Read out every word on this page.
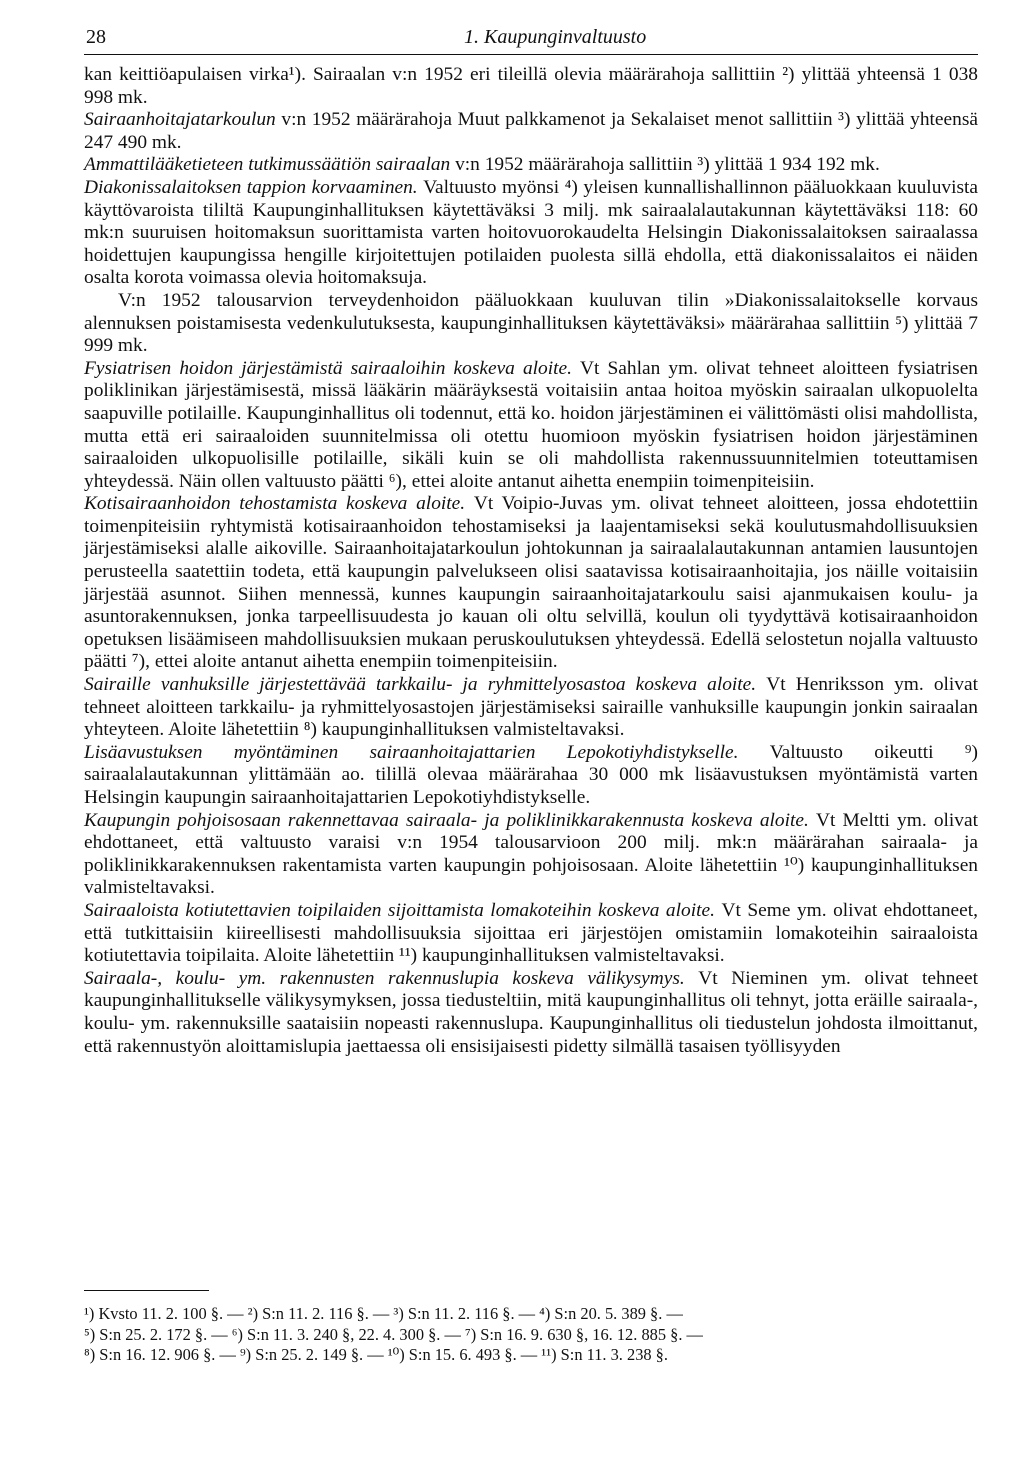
28	1. Kaupunginvaltuusto

kan keittiöapulaisen virka¹). Sairaalan v:n 1952 eri tileillä olevia määrärahoja sallittiin ²) ylittää yhteensä 1 038 998 mk.

Sairaanhoitajatarkoulun v:n 1952 määrärahoja Muut palkkamenot ja Sekalaiset menot sallittiin ³) ylittää yhteensä 247 490 mk.

Ammattilääketieteen tutkimussäätiön sairaalan v:n 1952 määrärahoja sallittiin ³) ylittää 1 934 192 mk.

Diakonissalaitoksen tappion korvaaminen. Valtuusto myönsi ⁴) yleisen kunnallishallinnon pääluokkaan kuuluvista käyttövaroista tililtä Kaupunginhallituksen käytettäväksi 3 milj. mk sairaalalautakunnan käytettäväksi 118: 60 mk:n suuruisen hoitomaksun suorittamista varten hoitovuorokaudelta Helsingin Diakonissalaitoksen sairaalassa hoidettujen kaupungissa hengille kirjoitettujen potilaiden puolesta sillä ehdolla, että diakonissalaitos ei näiden osalta korota voimassa olevia hoitomaksuja.

V:n 1952 talousarvion terveydenhoidon pääluokkaan kuuluvan tilin »Diakonissalaitokselle korvaus alennuksen poistamisesta vedenkulutuksesta, kaupunginhallituksen käytettäväksi» määrärahaa sallittiin ⁵) ylittää 7 999 mk.

Fysiatrisen hoidon järjestämistä sairaaloihin koskeva aloite. Vt Sahlan ym. olivat tehneet aloitteen fysiatrisen poliklinikan järjestämisestä, missä lääkärin määräyksestä voitaisiin antaa hoitoa myöskin sairaalan ulkopuolelta saapuville potilaille. Kaupunginhallitus oli todennut, että ko. hoidon järjestäminen ei välittömästi olisi mahdollista, mutta että eri sairaaloiden suunnitelmissa oli otettu huomioon myöskin fysiatrisen hoidon järjestäminen sairaaloiden ulkopuolisille potilaille, sikäli kuin se oli mahdollista rakennussuunnitelmien toteuttamisen yhteydessä. Näin ollen valtuusto päätti ⁶), ettei aloite antanut aihetta enempiin toimenpiteisiin.

Kotisairaanhoidon tehostamista koskeva aloite. Vt Voipio-Juvas ym. olivat tehneet aloitteen, jossa ehdotettiin toimenpiteisiin ryhtymistä kotisairaanhoidon tehostamiseksi ja laajentamiseksi sekä koulutusmahdollisuuksien järjestämiseksi alalle aikoville. Sairaanhoitajatarkoulun johtokunnan ja sairaalalautakunnan antamien lausuntojen perusteella saatettiin todeta, että kaupungin palvelukseen olisi saatavissa kotisairaanhoitajia, jos näille voitaisiin järjestää asunnot. Siihen mennessä, kunnes kaupungin sairaanhoitajatarkoulu saisi ajanmukaisen koulu- ja asuntorakennuksen, jonka tarpeellisuudesta jo kauan oli oltu selvillä, koulun oli tyydyttävä kotisairaanhoidon opetuksen lisäämiseen mahdollisuuksien mukaan peruskoulutuksen yhteydessä. Edellä selostetun nojalla valtuusto päätti ⁷), ettei aloite antanut aihetta enempiin toimenpiteisiin.

Sairaille vanhuksille järjestettävää tarkkailu- ja ryhmittelyosastoa koskeva aloite. Vt Henriksson ym. olivat tehneet aloitteen tarkkailu- ja ryhmittelyosastojen järjestämiseksi sairaille vanhuksille kaupungin jonkin sairaalan yhteyteen. Aloite lähetettiin ⁸) kaupunginhallituksen valmisteltavaksi.

Lisäavustuksen myöntäminen sairaanhoitajattarien Lepokotiyhdistykselle. Valtuusto oikeutti ⁹) sairaalalautakunnan ylittämään ao. tilillä olevaa määrärahaa 30 000 mk lisäavustuksen myöntämistä varten Helsingin kaupungin sairaanhoitajattarien Lepokotiyhdistykselle.

Kaupungin pohjoisosaan rakennettavaa sairaala- ja poliklinikkarakennusta koskeva aloite. Vt Meltti ym. olivat ehdottaneet, että valtuusto varaisi v:n 1954 talousarvioon 200 milj. mk:n määrärahan sairaala- ja poliklinikkarakennuksen rakentamista varten kaupungin pohjoisosaan. Aloite lähetettiin ¹⁰) kaupunginhallituksen valmisteltavaksi.

Sairaaloista kotiutettavien toipilaiden sijoittamista lomakoteihin koskeva aloite. Vt Seme ym. olivat ehdottaneet, että tutkittaisiin kiireellisesti mahdollisuuksia sijoittaa eri järjestöjen omistamiin lomakoteihin sairaaloista kotiutettavia toipilaita. Aloite lähetettiin ¹¹) kaupunginhallituksen valmisteltavaksi.

Sairaala-, koulu- ym. rakennusten rakennuslupia koskeva välikysymys. Vt Nieminen ym. olivat tehneet kaupunginhallitukselle välikysymyksen, jossa tiedusteltiin, mitä kaupunginhallitus oli tehnyt, jotta eräille sairaala-, koulu- ym. rakennuksille saataisiin nopeasti rakennuslupa. Kaupunginhallitus oli tiedustelun johdosta ilmoittanut, että rakennustyön aloittamislupia jaettaessa oli ensisijaisesti pidetty silmällä tasaisen työllisyyden

¹) Kvsto 11. 2. 100 §. — ²) S:n 11. 2. 116 §. — ³) S:n 11. 2. 116 §. — ⁴) S:n 20. 5. 389 §. —
⁵) S:n 25. 2. 172 §. — ⁶) S:n 11. 3. 240 §, 22. 4. 300 §. — ⁷) S:n 16. 9. 630 §, 16. 12. 885 §. —
⁸) S:n 16. 12. 906 §. — ⁹) S:n 25. 2. 149 §. — ¹⁰) S:n 15. 6. 493 §. — ¹¹) S:n 11. 3. 238 §.
